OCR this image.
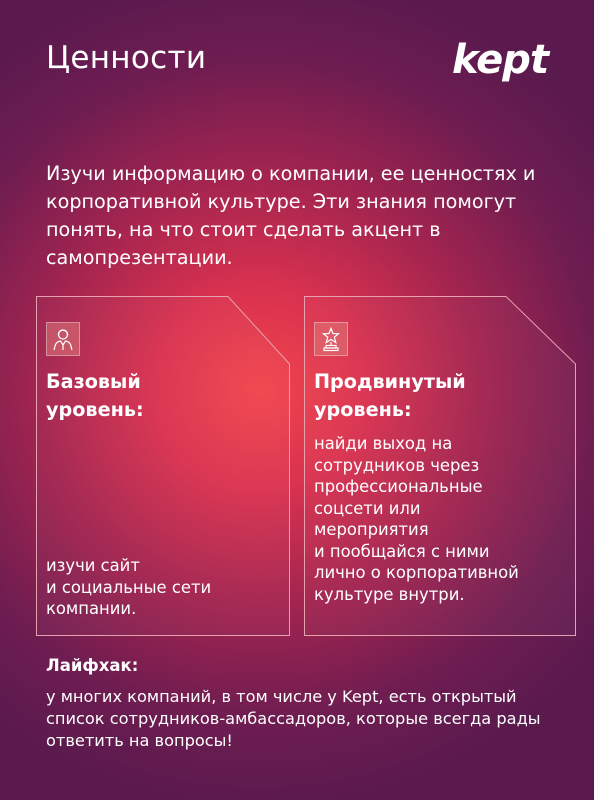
Ценности	kept

Изучи информацию о компании, ее ценностях и корпоративной культуре. Эти знания помогут понять, на что стоит сделать акцент в самопрезентации.

Базовый
уровень:

изучи сайт
и социальные сети
компании.

Продвинутый
уровень:

найди выход на
сотрудников через
профессиональные
соцсети или
мероприятия
и пообщайся с ними
лично о корпоративной
культуре внутри.

Лайфхак:

у многих компаний, в том числе у Kept, есть открытый список сотрудников-амбассадоров, которые всегда рады ответить на вопросы!
